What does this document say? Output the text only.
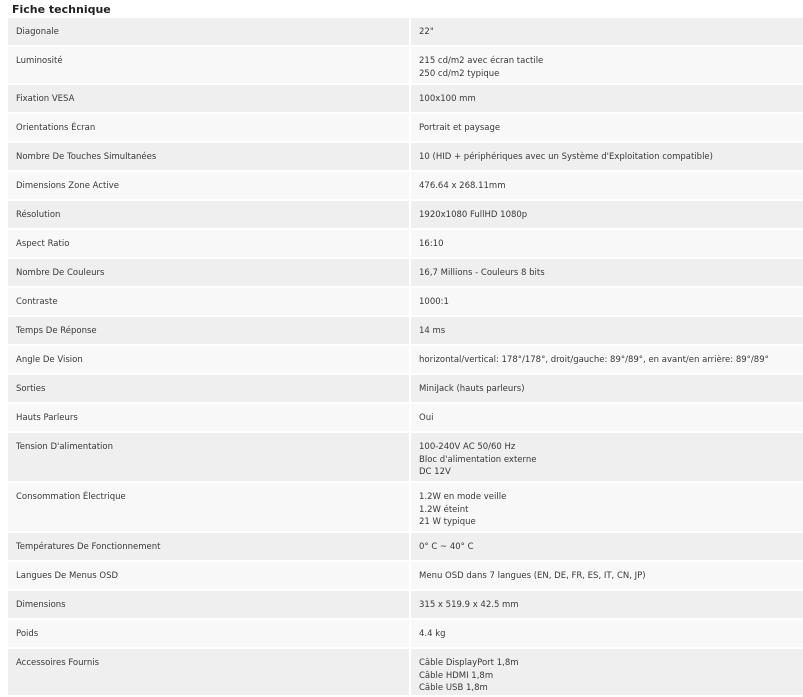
Fiche technique
Diagonale	22"

Luminosité	215 cd/m2 avec écran tactile
250 cd/m2 typique

Fixation VESA	100x100 mm

Orientations Écran	Portrait et paysage

Nombre De Touches Simultanées	10 (HID + périphériques avec un Système d'Exploitation compatible)

Dimensions Zone Active	476.64 x 268.11mm

Résolution	1920x1080 FullHD 1080p

Aspect Ratio	16:10

Nombre De Couleurs	16,7 Millions - Couleurs 8 bits

Contraste	1000:1

Temps De Réponse	14 ms

Angle De Vision	horizontal/vertical: 178°/178°, droit/gauche: 89°/89°, en avant/en arrière: 89°/89°

Sorties	MiniJack (hauts parleurs)

Hauts Parleurs	Oui

Tension D'alimentation	100-240V AC 50/60 Hz
Bloc d'alimentation externe
DC 12V

Consommation Électrique	1.2W en mode veille
1.2W éteint
21 W typique

Températures De Fonctionnement	0° C ~ 40° C

Langues De Menus OSD	Menu OSD dans 7 langues (EN, DE, FR, ES, IT, CN, JP)

Dimensions	315 x 519.9 x 42.5 mm

Poids	4.4 kg

Accessoires Fournis	Câble DisplayPort 1,8m
Câble HDMI 1,8m
Câble USB 1,8m
